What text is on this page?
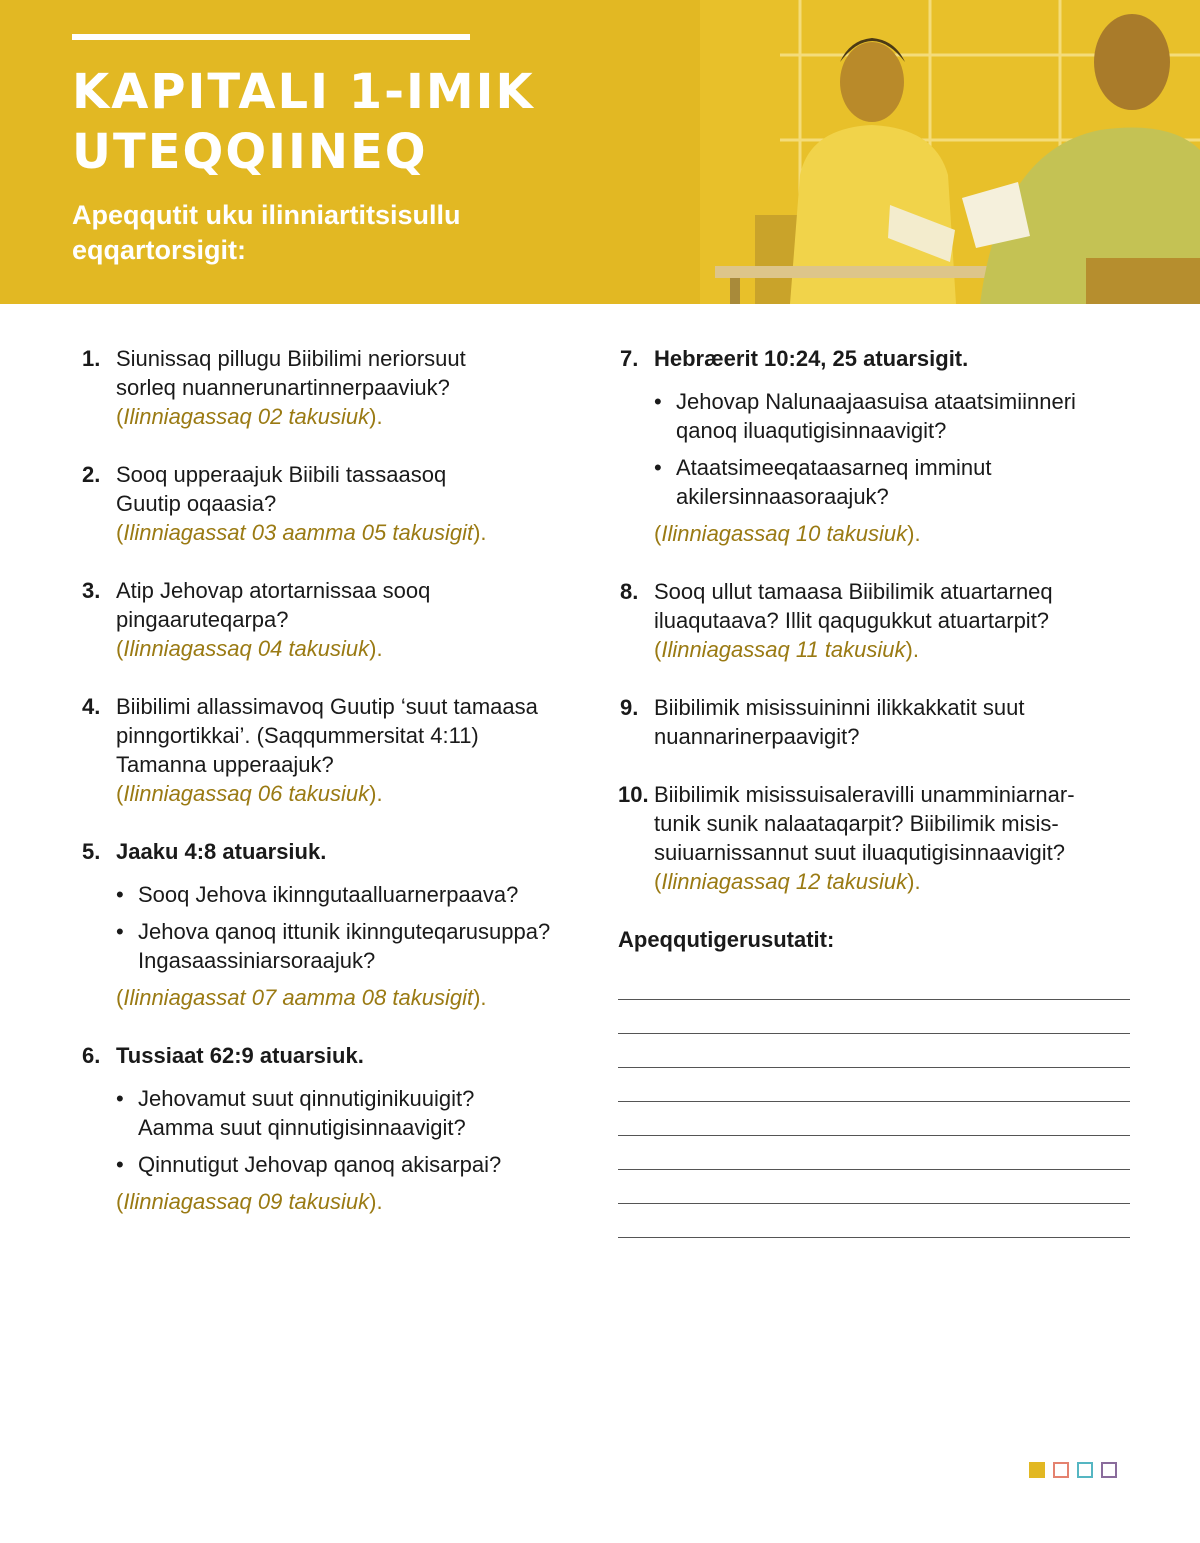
KAPITALI 1-IMIK
UTEQQIINEQ

Apeqqutit uku ilinniartitsisullu
eqqartorsigit:

1. Siunissaq pillugu Biibilimi neriorsuut
sorleq nuannerunartinnerpaaviuk?
(Ilinniagassaq 02 takusiuk).
2. Sooq upperaajuk Biibili tassaasoq
Guutip oqaasia?
(Ilinniagassat 03 aamma 05 takusigit).
3. Atip Jehovap atortarnissaa sooq
pingaaruteqarpa?
(Ilinniagassaq 04 takusiuk).
4. Biibilimi allassimavoq Guutip ‘suut tamaasa
pinngortikkai’. (Saqqummersitat 4:11)
Tamanna upperaajuk?
(Ilinniagassaq 06 takusiuk).
5. Jaaku 4:8 atuarsiuk.
• Sooq Jehova ikinngutaalluarnerpaava?
• Jehova qanoq ittunik ikinnguteqarusuppa?
Ingasaassiniarsoraajuk?
(Ilinniagassat 07 aamma 08 takusigit).
6. Tussiaat 62:9 atuarsiuk.
• Jehovamut suut qinnutiginikuuigit?
Aamma suut qinnutigisinnaavigit?
• Qinnutigut Jehovap qanoq akisarpai?
(Ilinniagassaq 09 takusiuk).
7. Hebræerit 10:24, 25 atuarsigit.
• Jehovap Nalunaajaasuisa ataatsimiinneri
qanoq iluaqutigisinnaavigit?
• Ataatsimeeqataasarneq imminut
akilersinnaasoraajuk?
(Ilinniagassaq 10 takusiuk).
8. Sooq ullut tamaasa Biibilimik atuartarneq
iluaqutaava? Illit qaqugukkut atuartarpit?
(Ilinniagassaq 11 takusiuk).
9. Biibilimik misissuininni ilikkakkatit suut
nuannarinerpaavigit?
10. Biibilimik misissuisaleravilli unamminiarnar-
tunik sunik nalaataqarpit? Biibilimik misis-
suiuarnissannut suut iluaqutigisinnaavigit?
(Ilinniagassaq 12 takusiuk).
Apeqqutigerusutatit:
